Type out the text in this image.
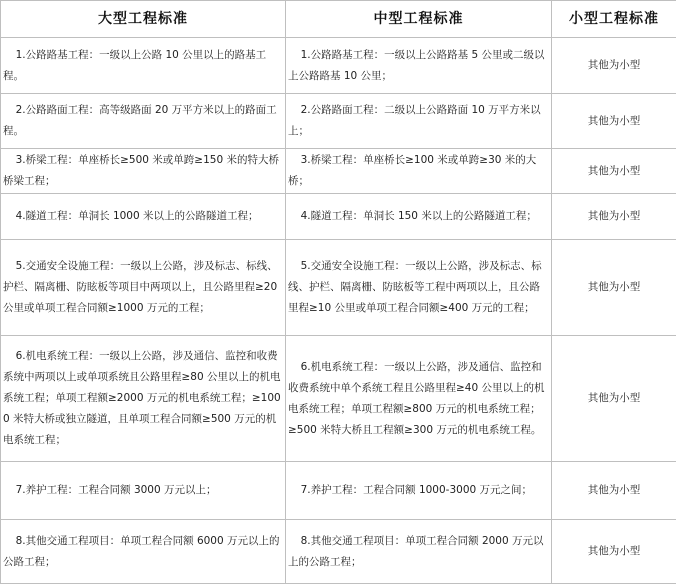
大型工程标准	中型工程标准	小型工程标准
1.公路路基工程：一级以上公路 10 公里以上的路基工程。	1.公路路基工程：一级以上公路路基 5 公里或二级以上公路路基 10 公里；	其他为小型
2.公路路面工程：高等级路面 20 万平方米以上的路面工程。	2.公路路面工程：二级以上公路路面 10 万平方米以上；	其他为小型
3.桥梁工程：单座桥长≥500 米或单跨≥150 米的特大桥桥梁工程；	3.桥梁工程：单座桥长≥100 米或单跨≥30 米的大桥；	其他为小型
4.隧道工程：单洞长 1000 米以上的公路隧道工程；	4.隧道工程：单洞长 150 米以上的公路隧道工程；	其他为小型
5.交通安全设施工程：一级以上公路，涉及标志、标线、护栏、隔离栅、防眩板等项目中两项以上，且公路里程≥20 公里或单项工程合同额≥1000 万元的工程；	5.交通安全设施工程：一级以上公路，涉及标志、标线、护栏、隔离栅、防眩板等工程中两项以上，且公路里程≥10 公里或单项工程合同额≥400 万元的工程；	其他为小型
6.机电系统工程：一级以上公路，涉及通信、监控和收费系统中两项以上或单项系统且公路里程≥80 公里以上的机电系统工程；单项工程额≥2000 万元的机电系统工程；≥1000 米特大桥或独立隧道，且单项工程合同额≥500 万元的机电系统工程；	6.机电系统工程：一级以上公路，涉及通信、监控和收费系统中单个系统工程且公路里程≥40 公里以上的机电系统工程；单项工程额≥800 万元的机电系统工程；≥500 米特大桥且工程额≥300 万元的机电系统工程。	其他为小型
7.养护工程：工程合同额 3000 万元以上；	7.养护工程：工程合同额 1000-3000 万元之间；	其他为小型
8.其他交通工程项目：单项工程合同额 6000 万元以上的公路工程；	8.其他交通工程项目：单项工程合同额 2000 万元以上的公路工程；	其他为小型
